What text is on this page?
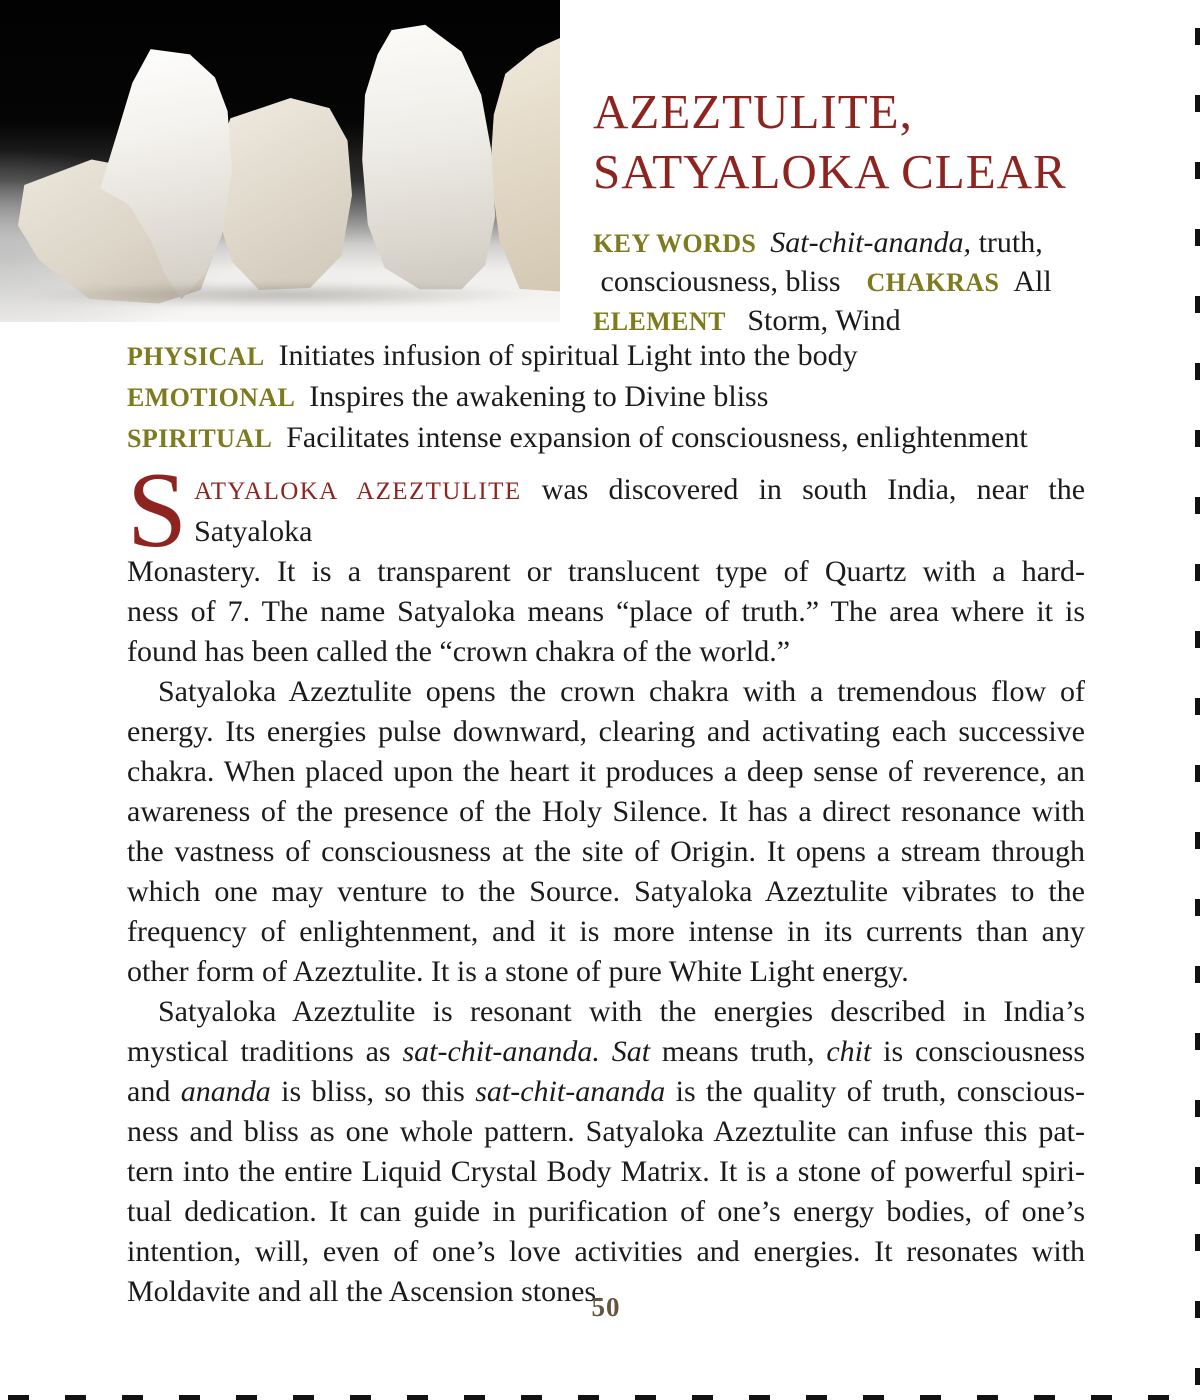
AZEZTULITE,
SATYALOKA CLEAR
KEY WORDS Sat-chit-ananda, truth,
consciousness, bliss CHAKRAS All
ELEMENT Storm, Wind
PHYSICAL Initiates infusion of spiritual Light into the body
EMOTIONAL Inspires the awakening to Divine bliss
SPIRITUAL Facilitates intense expansion of consciousness, enlightenment
S ATYALOKA AZEZTULITE was discovered in south India, near the Satyaloka
Monastery. It is a transparent or translucent type of Quartz with a hard-
ness of 7. The name Satyaloka means “place of truth.” The area where it is
found has been called the “crown chakra of the world.”
Satyaloka Azeztulite opens the crown chakra with a tremendous flow of
energy. Its energies pulse downward, clearing and activating each successive
chakra. When placed upon the heart it produces a deep sense of reverence, an
awareness of the presence of the Holy Silence. It has a direct resonance with
the vastness of consciousness at the site of Origin. It opens a stream through
which one may venture to the Source. Satyaloka Azeztulite vibrates to the
frequency of enlightenment, and it is more intense in its currents than any
other form of Azeztulite. It is a stone of pure White Light energy.
Satyaloka Azeztulite is resonant with the energies described in India’s
mystical traditions as sat-chit-ananda. Sat means truth, chit is consciousness
and ananda is bliss, so this sat-chit-ananda is the quality of truth, conscious-
ness and bliss as one whole pattern. Satyaloka Azeztulite can infuse this pat-
tern into the entire Liquid Crystal Body Matrix. It is a stone of powerful spiri-
tual dedication. It can guide in purification of one’s energy bodies, of one’s
intention, will, even of one’s love activities and energies. It resonates with
Moldavite and all the Ascension stones.
50
